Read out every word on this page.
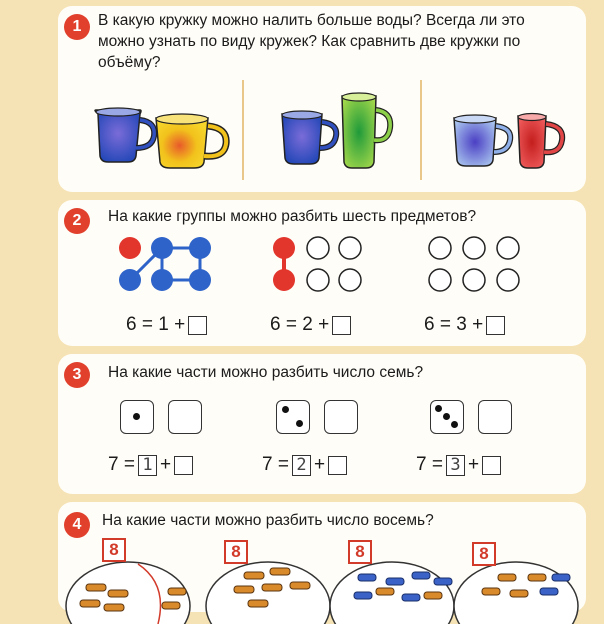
1	В какую кружку можно налить больше воды? Всегда ли это можно узнать по виду кружек? Как сравнить две кружки по объёму?
2	На какие группы можно разбить шесть предметов?
6 = 1 +	6 = 2 +	6 = 3 +
3	На какие части можно разбить число семь?
7 = 1 +	7 = 2 +	7 = 3 +
4	На какие части можно разбить число восемь?
8	8	8	8
